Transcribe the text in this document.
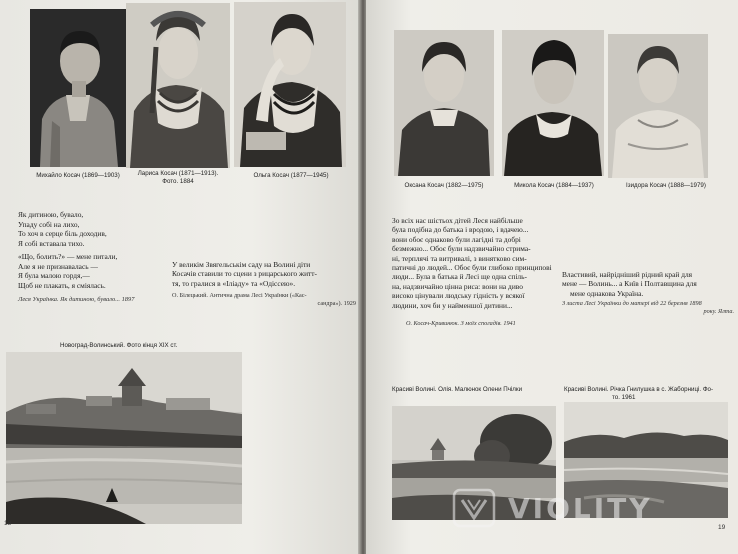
Михайло Косач (1869—1903)	Лариса Косач (1871—1913). Фото. 1884
Ольга Косач (1877—1945)
Як дитиною, бувало,
Упаду собі на лихо,
То хоч в серце біль доходив,
Я собі вставала тихо.
«Що, болить?» — мене питали,
Але я не признавалась —
Я була малою гордя,—
Щоб не плакать, я сміялась.
Леся Українка. Як дитиною, бувало... 1897
У великім Звягельськім саду на Волині діти
Косачів ставили то сцени з рицарського житт-
тя, то гралися в «Іліаду» та «Одіссею».
О. Білецький. Антична драма Лесі Українки («Кас-
сандра»). 1929
Новоград-Волинський. Фото кінця XIX ст.
18
Оксана Косач (1882—1975)	Микола Косач (1884—1937)	Ізидора Косач (1888—1979)
Зо всіх нас шістьох дітей Леся найбільше
була подібна до батька і вродою, і вдачею...
вони обоє однаково були лагідні та добрі
безмежно... Обоє були надзвичайно стрима-
ні, терплячі та витривалі, з винятково сим-
патичні до людей... Обоє були глибоко принципові
люди... Була в батька й Лесі ще одна спіль-
на, надзвичайно цінна риса: вони на диво
високо цінували людську гідність у всякої
людини, хоч би у найменшої дитини...
О. Косач-Кривинюк. З моїх спогадів. 1941
Властивий, найрідніший рідний край для
мене — Волинь... а Київ і Полтавщина для
мене однакова Україна.
З листа Лесі Українки до матері від 22 березня 1898
року. Ялта.
Красиві Волині. Олія. Малюнок Олени Пчілки	Красиві Волині. Річка Гнилушка в с. Жаборниці. Фо-
то. 1961
19
VIOLITY
